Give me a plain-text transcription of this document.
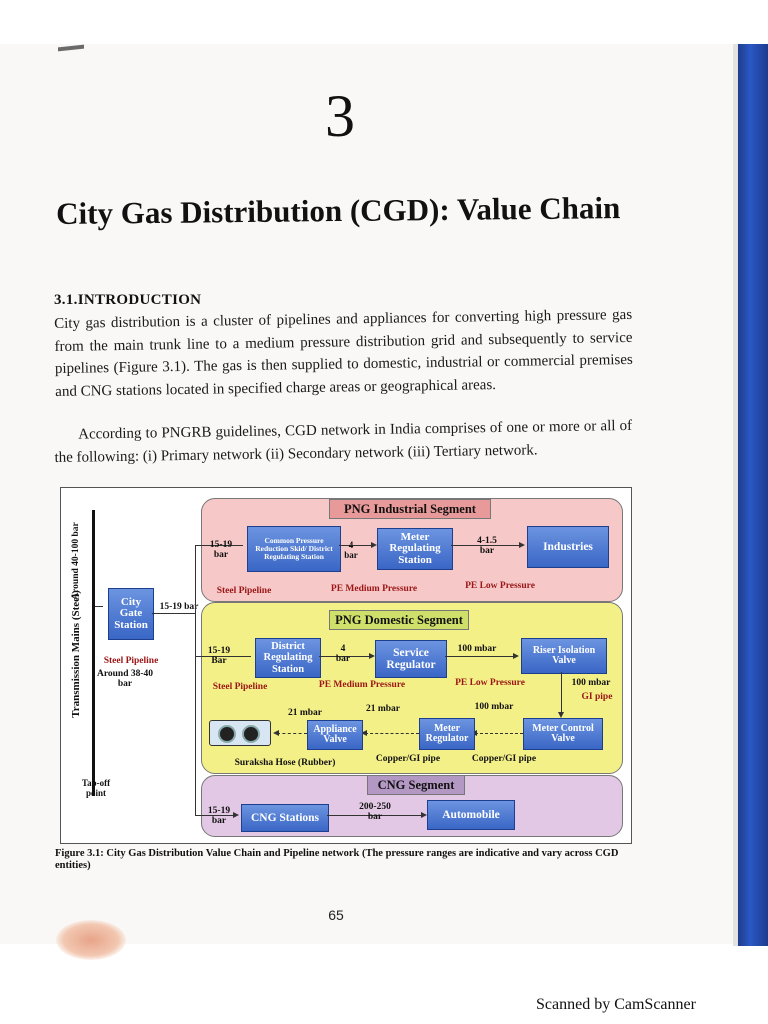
3
City Gas Distribution (CGD): Value Chain
3.1.INTRODUCTION
City gas distribution is a cluster of pipelines and appliances for converting high pressure gas from the main trunk line to a medium pressure distribution grid and subsequently to service pipelines (Figure 3.1). The gas is then supplied to domestic, industrial or commercial premises and CNG stations located in specified charge areas or geographical areas.
According to PNGRB guidelines, CGD network in India comprises of one or more or all of the following: (i) Primary network (ii) Secondary network (iii) Tertiary network.
Transmission Mains (Steel)
Around 40-100 bar
Tap-off point
City Gate Station
15-19 bar
Steel Pipeline
Around 38-40 bar
PNG Industrial Segment
15-19 bar
Common Pressure Reduction Skid/ District Regulating Station
4 bar
Meter Regulating Station
4-1.5 bar	Industries
Steel Pipeline	PE Medium Pressure	PE Low Pressure
PNG Domestic Segment
15-19 Bar
District Regulating Station
4 bar
Service Regulator
100 mbar	Riser Isolation Valve
Steel Pipeline	PE Medium Pressure	PE Low Pressure	100 mbar
GI pipe
Meter Control Valve
100 mbar
Meter Regulator
21 mbar
Appliance Valve
21 mbar
Suraksha Hose (Rubber)	Copper/GI pipe	Copper/GI pipe
CNG Segment
15-19 bar	CNG Stations
200-250 bar	Automobile
Figure 3.1: City Gas Distribution Value Chain and Pipeline network (The pressure ranges are indicative and vary across CGD entities)
65
Scanned by CamScanner
